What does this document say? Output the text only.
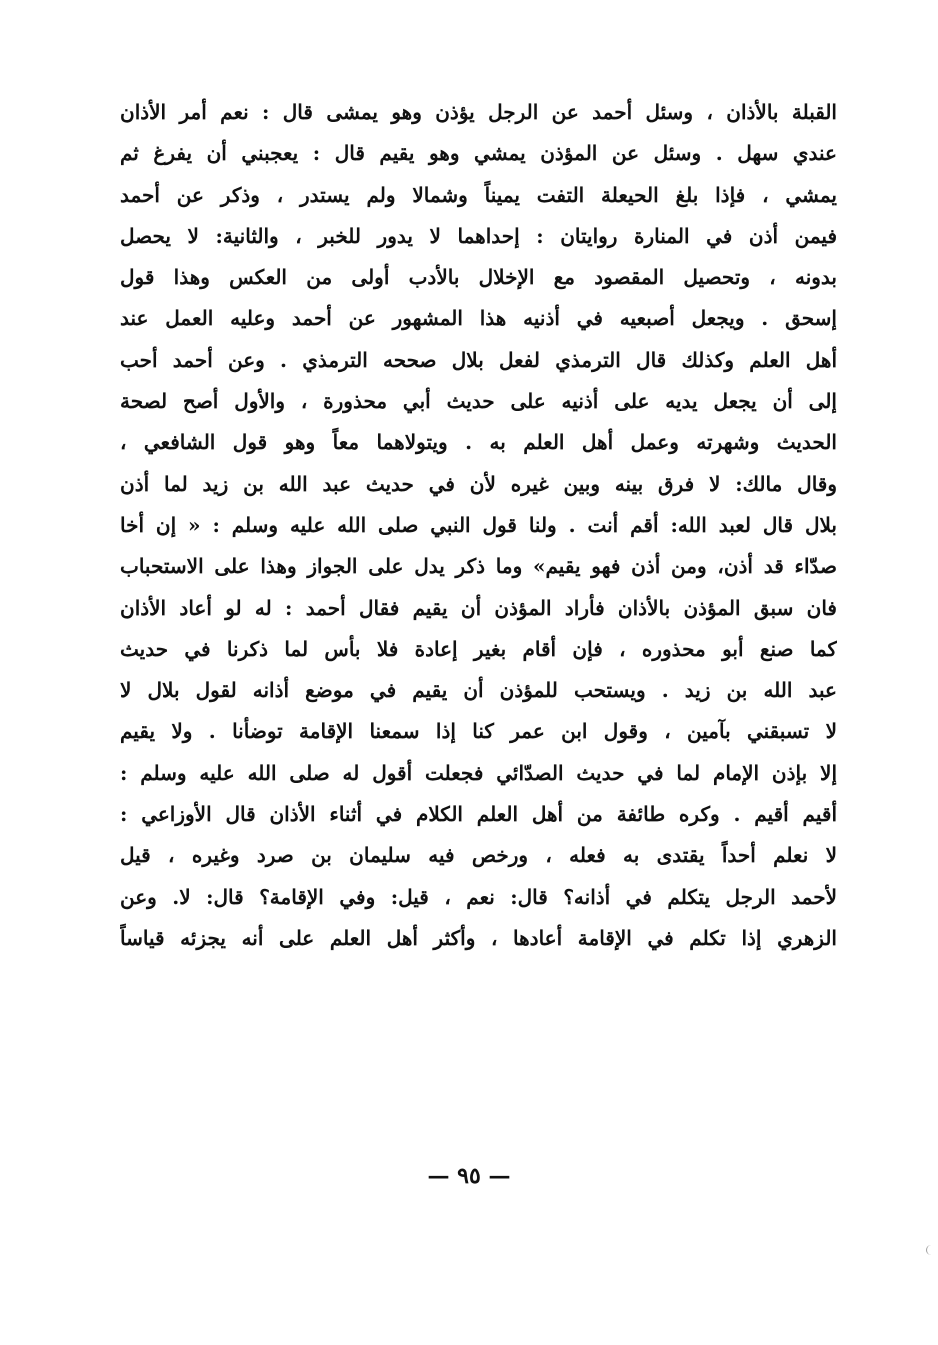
القبلة بالأذان ، وسئل أحمد عن الرجل يؤذن وهو يمشى قال : نعم أمر الأذان
عندي سهل . وسئل عن المؤذن يمشي وهو يقيم قال : يعجبني أن يفرغ ثم
يمشي ، فإذا بلغ الحيعلة التفت يميناً وشمالا ولم يستدر ، وذكر عن أحمد
فيمن أذن في المنارة روايتان : إحداهما لا يدور للخبر ، والثانية: لا يحصل
بدونه ، وتحصيل المقصود مع الإخلال بالأدب أولى من العكس وهذا قول
إسحق . ويجعل أصبعيه في أذنيه هذا المشهور عن أحمد وعليه العمل عند
أهل العلم وكذلك قال الترمذي لفعل بلال صححه الترمذي . وعن أحمد أحب
إلى أن يجعل يديه على أذنيه على حديث أبي محذورة ، والأول أصح لصحة
الحديث وشهرته وعمل أهل العلم به . ويتولاهما معاً وهو قول الشافعي ،
وقال مالك: لا فرق بينه وبين غيره لأن في حديث عبد الله بن زيد لما أذن
بلال قال لعبد الله: أقم أنت . ولنا قول النبي صلى الله عليه وسلم : « إن أخا
صدّاء قد أذن، ومن أذن فهو يقيم» وما ذكر يدل على الجواز وهذا على الاستحباب
فان سبق المؤذن بالأذان فأراد المؤذن أن يقيم فقال أحمد : له لو أعاد الأذان
كما صنع أبو محذوره ، فإن أقام بغير إعادة فلا بأس لما ذكرنا في حديث
عبد الله بن زيد . ويستحب للمؤذن أن يقيم في موضع أذانه لقول بلال لا
لا تسبقني بآمين ، وقول ابن عمر كنا إذا سمعنا الإقامة توضأنا . ولا يقيم
إلا بإذن الإمام لما في حديث الصدّائي فجعلت أقول له صلى الله عليه وسلم :
أقيم أقيم . وكره طائفة من أهل العلم الكلام في أثناء الأذان قال الأوزاعي :
لا نعلم أحداً يقتدى به فعله ، ورخص فيه سليمان بن صرد وغيره ، قيل
لأحمد الرجل يتكلم في أذانه؟ قال: نعم ، قيل: وفي الإقامة؟ قال: لا. وعن
الزهري إذا تكلم في الإقامة أعادها ، وأكثر أهل العلم على أنه يجزئه قياساً
— ٩٥ —
